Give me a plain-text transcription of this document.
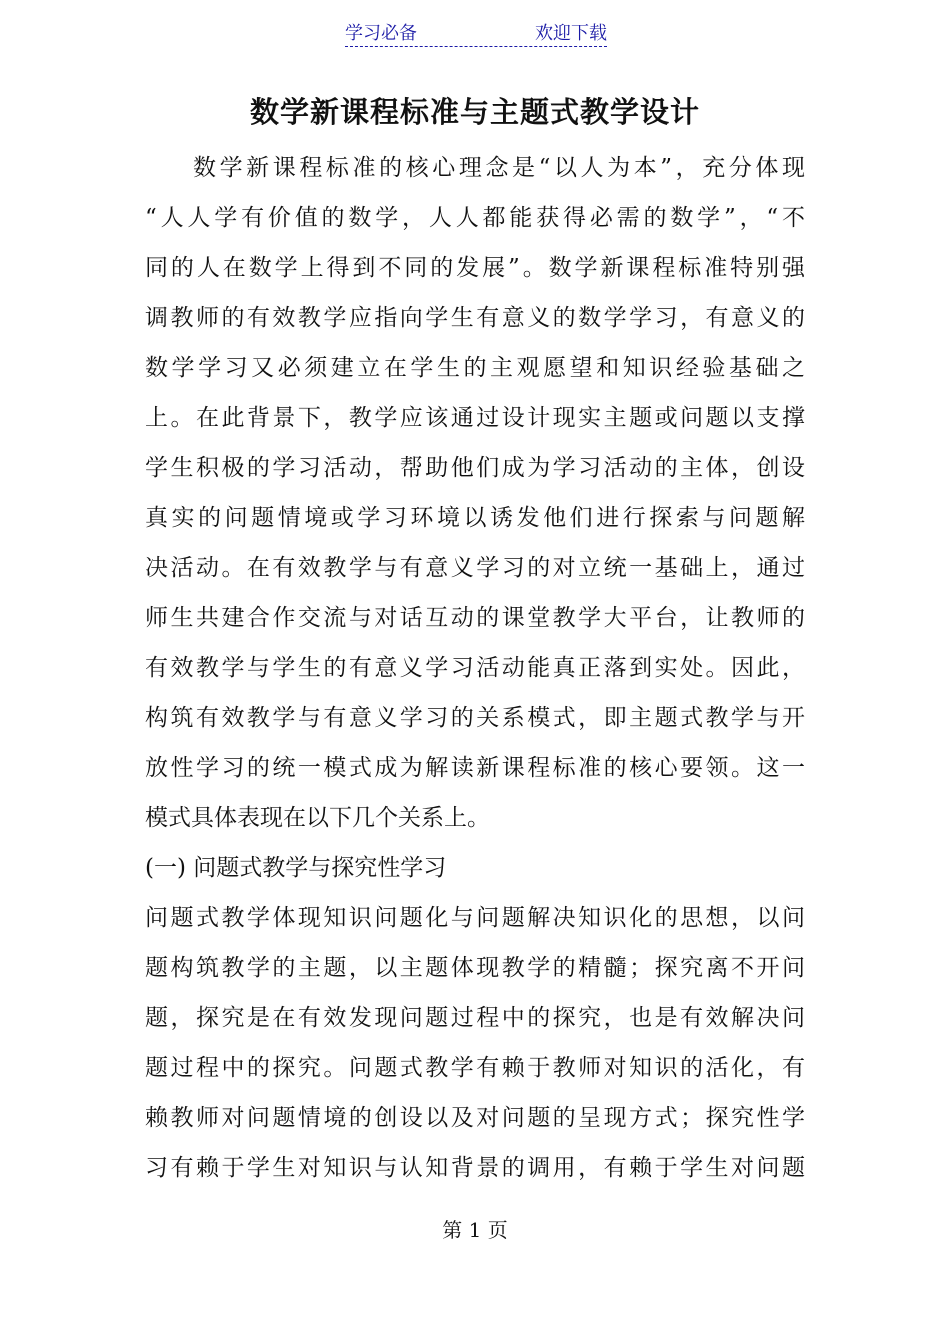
学习必备	欢迎下载
数学新课程标准与主题式教学设计
数学新课程标准的核心理念是“以人为本”，充分体现
“人人学有价值的数学，人人都能获得必需的数学”，“不
同的人在数学上得到不同的发展”。数学新课程标准特别强
调教师的有效教学应指向学生有意义的数学学习，有意义的
数学学习又必须建立在学生的主观愿望和知识经验基础之
上。在此背景下，教学应该通过设计现实主题或问题以支撑
学生积极的学习活动，帮助他们成为学习活动的主体，创设
真实的问题情境或学习环境以诱发他们进行探索与问题解
决活动。在有效教学与有意义学习的对立统一基础上，通过
师生共建合作交流与对话互动的课堂教学大平台，让教师的
有效教学与学生的有意义学习活动能真正落到实处。因此，
构筑有效教学与有意义学习的关系模式，即主题式教学与开
放性学习的统一模式成为解读新课程标准的核心要领。这一
模式具体表现在以下几个关系上。
(一) 问题式教学与探究性学习
问题式教学体现知识问题化与问题解决知识化的思想，以问
题构筑教学的主题，以主题体现教学的精髓；探究离不开问
题，探究是在有效发现问题过程中的探究，也是有效解决问
题过程中的探究。问题式教学有赖于教师对知识的活化，有
赖教师对问题情境的创设以及对问题的呈现方式；探究性学
习有赖于学生对知识与认知背景的调用，有赖于学生对问题
第 1 页
